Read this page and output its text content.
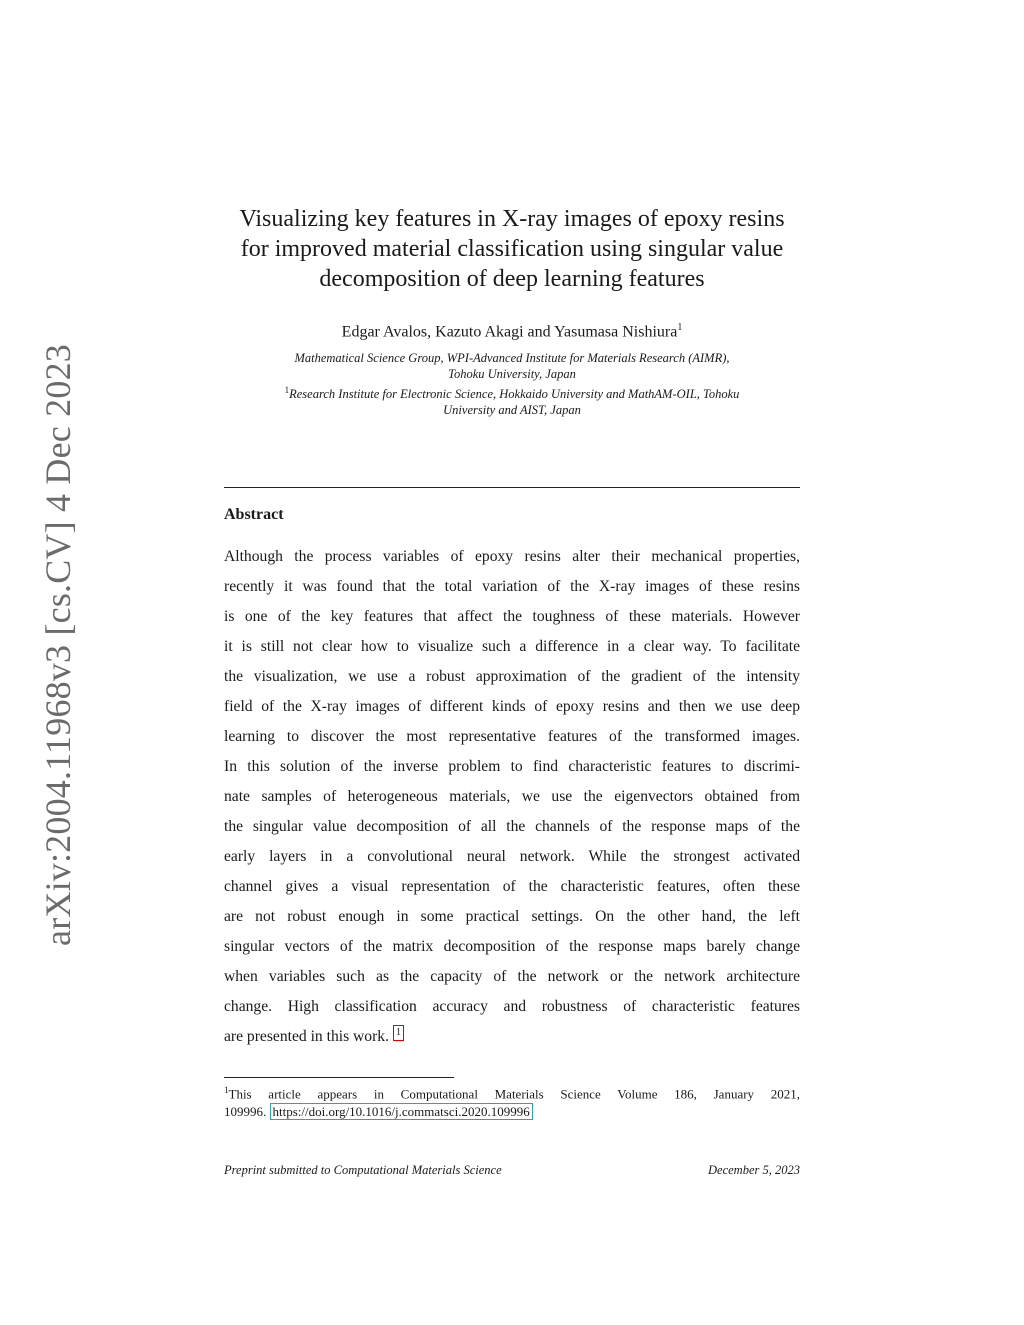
arXiv:2004.11968v3 [cs.CV] 4 Dec 2023
Visualizing key features in X-ray images of epoxy resins
for improved material classification using singular value
decomposition of deep learning features
Edgar Avalos, Kazuto Akagi and Yasumasa Nishiura$^1$
Mathematical Science Group, WPI-Advanced Institute for Materials Research (AIMR),
Tohoku University, Japan
$^1$Research Institute for Electronic Science, Hokkaido University and MathAM-OIL, Tohoku
University and AIST, Japan
Abstract

Although the process variables of epoxy resins alter their mechanical properties,
recently it was found that the total variation of the X-ray images of these resins
is one of the key features that affect the toughness of these materials. However
it is still not clear how to visualize such a difference in a clear way. To facilitate
the visualization, we use a robust approximation of the gradient of the intensity
field of the X-ray images of different kinds of epoxy resins and then we use deep
learning to discover the most representative features of the transformed images.
In this solution of the inverse problem to find characteristic features to discrimi-
nate samples of heterogeneous materials, we use the eigenvectors obtained from
the singular value decomposition of all the channels of the response maps of the
early layers in a convolutional neural network. While the strongest activated
channel gives a visual representation of the characteristic features, often these
are not robust enough in some practical settings. On the other hand, the left
singular vectors of the matrix decomposition of the response maps barely change
when variables such as the capacity of the network or the network architecture
change. High classification accuracy and robustness of characteristic features
are presented in this work. 1

$^1$This article appears in Computational Materials Science Volume 186, January 2021,
109996. https://doi.org/10.1016/j.commatsci.2020.109996
Preprint submitted to Computational Materials Science	December 5, 2023
